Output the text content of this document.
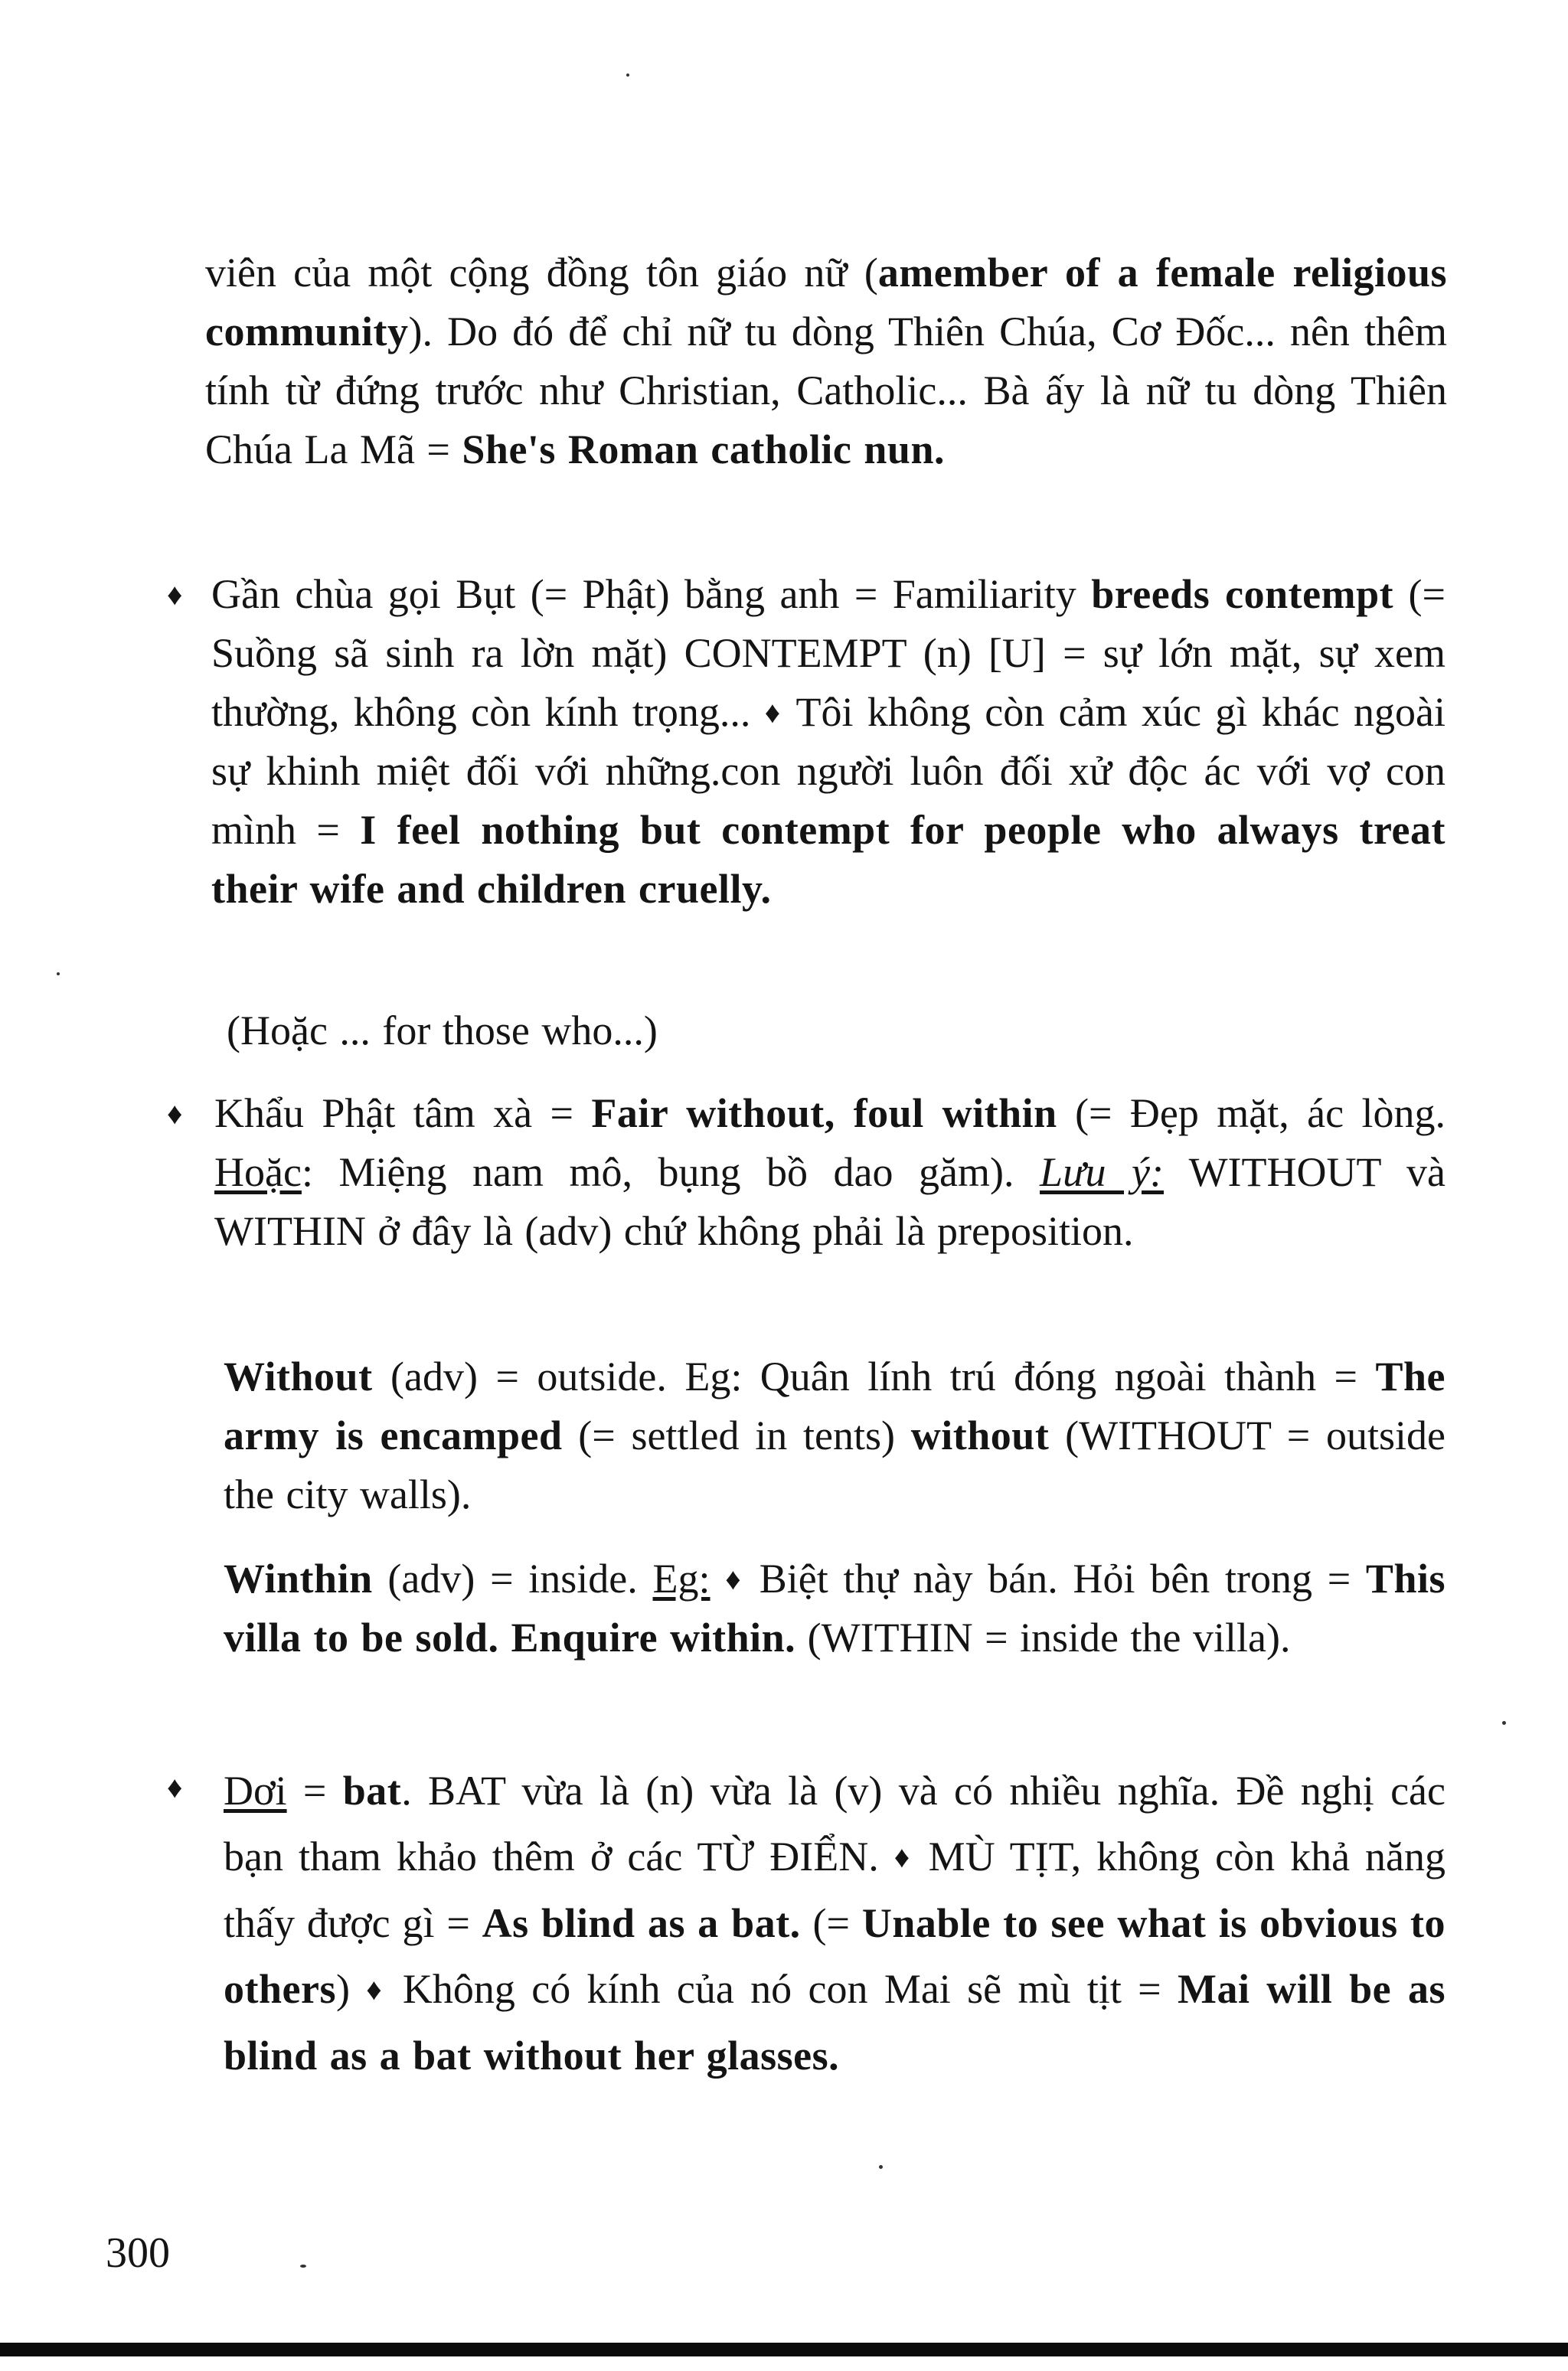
viên của một cộng đồng tôn giáo nữ (amember of a female religious community). Do đó để chỉ nữ tu dòng Thiên Chúa, Cơ Đốc... nên thêm tính từ đứng trước như Christian, Catholic... Bà ấy là nữ tu dòng Thiên Chúa La Mã = She's Roman catholic nun.

♦ Gần chùa gọi Bụt (= Phật) bằng anh = Familiarity breeds contempt (= Suồng sã sinh ra lờn mặt) CONTEMPT (n) [U] = sự lớn mặt, sự xem thường, không còn kính trọng... ♦ Tôi không còn cảm xúc gì khác ngoài sự khinh miệt đối với những.con người luôn đối xử độc ác với vợ con mình = I feel nothing but contempt for people who always treat their wife and children cruelly.

(Hoặc ... for those who...)

♦ Khẩu Phật tâm xà = Fair without, foul within (= Đẹp mặt, ác lòng. Hoặc: Miệng nam mô, bụng bồ dao găm). Lưu ý: WITHOUT và WITHIN ở đây là (adv) chứ không phải là preposition.

Without (adv) = outside. Eg: Quân lính trú đóng ngoài thành = The army is encamped (= settled in tents) without (WITHOUT = outside the city walls).

Winthin (adv) = inside. Eg: ♦ Biệt thự này bán. Hỏi bên trong = This villa to be sold. Enquire within. (WITHIN = inside the villa).

♦ Dơi = bat. BAT vừa là (n) vừa là (v) và có nhiều nghĩa. Đề nghị các bạn tham khảo thêm ở các TỪ ĐIỂN. ♦ MÙ TỊT, không còn khả năng thấy được gì = As blind as a bat. (= Unable to see what is obvious to others) ♦ Không có kính của nó con Mai sẽ mù tịt = Mai will be as blind as a bat without her glasses.

300
